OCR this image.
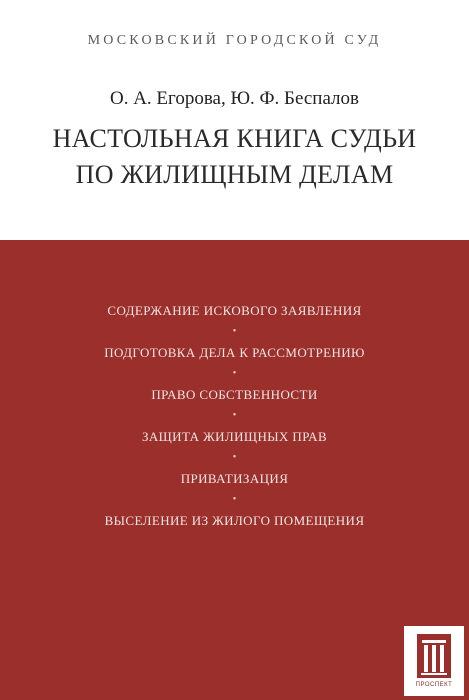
МОСКОВСКИЙ ГОРОДСКОЙ СУД
О. А. Егорова, Ю. Ф. Беспалов
НАСТОЛЬНАЯ КНИГА СУДЬИ
ПО ЖИЛИЩНЫМ ДЕЛАМ
СОДЕРЖАНИЕ ИСКОВОГО ЗАЯВЛЕНИЯ
•
ПОДГОТОВКА ДЕЛА К РАССМОТРЕНИЮ
•
ПРАВО СОБСТВЕННОСТИ
•
ЗАЩИТА ЖИЛИЩНЫХ ПРАВ
•
ПРИВАТИЗАЦИЯ
•
ВЫСЕЛЕНИЕ ИЗ ЖИЛОГО ПОМЕЩЕНИЯ
ПРОСПЕКТ
